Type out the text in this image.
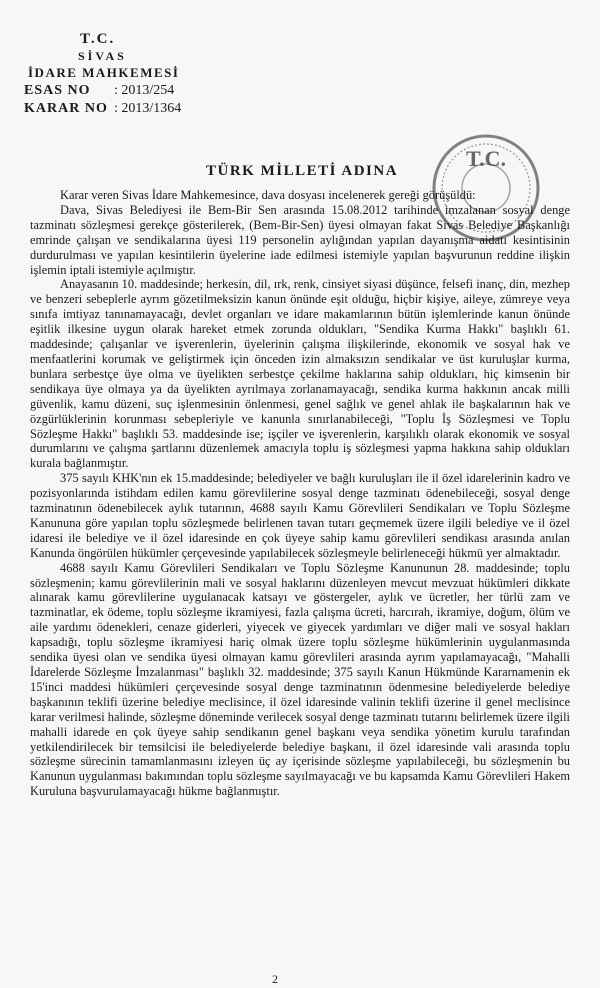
T.C.
SİVAS
İDARE MAHKEMESİ
ESAS NO	: 2013/254
KARAR NO : 2013/1364
TÜRK MİLLETİ ADINA	T.C.

Karar veren Sivas İdare Mahkemesince, dava dosyası incelenerek gereği görüşüldü:

Dava, Sivas Belediyesi ile Bem-Bir Sen arasında 15.08.2012 tarihinde imzalanan sosyal denge tazminatı sözleşmesi gerekçe gösterilerek, (Bem-Bir-Sen) üyesi olmayan fakat Sivas Belediye Başkanlığı emrinde çalışan ve sendikalarına üyesi 119 personelin aylığından yapılan dayanışma aidatı kesintisinin durdurulması ve yapılan kesintilerin üyelerine iade edilmesi istemiyle yapılan başvurunun reddine ilişkin işlemin iptali istemiyle açılmıştır.

Anayasanın 10. maddesinde; herkesin, dil, ırk, renk, cinsiyet siyasi düşünce, felsefi inanç, din, mezhep ve benzeri sebeplerle ayrım gözetilmeksizin kanun önünde eşit olduğu, hiçbir kişiye, aileye, zümreye veya sınıfa imtiyaz tanınamayacağı, devlet organları ve idare makamlarının bütün işlemlerinde kanun önünde eşitlik ilkesine uygun olarak hareket etmek zorunda oldukları, "Sendika Kurma Hakkı" başlıklı 61. maddesinde; çalışanlar ve işverenlerin, üyelerinin çalışma ilişkilerinde, ekonomik ve sosyal hak ve menfaatlerini korumak ve geliştirmek için önceden izin almaksızın sendikalar ve üst kuruluşlar kurma, bunlara serbestçe üye olma ve üyelikten serbestçe çekilme haklarına sahip oldukları, hiç kimsenin bir sendikaya üye olmaya ya da üyelikten ayrılmaya zorlanamayacağı, sendika kurma hakkının ancak milli güvenlik, kamu düzeni, suç işlenmesinin önlenmesi, genel sağlık ve genel ahlak ile başkalarının hak ve özgürlüklerinin korunması sebepleriyle ve kanunla sınırlanabileceği, "Toplu İş Sözleşmesi ve Toplu Sözleşme Hakkı" başlıklı 53. maddesinde ise; işçiler ve işverenlerin, karşılıklı olarak ekonomik ve sosyal durumlarını ve çalışma şartlarını düzenlemek amacıyla toplu iş sözleşmesi yapma hakkına sahip oldukları kurala bağlanmıştır.

375 sayılı KHK'nın ek 15.maddesinde; belediyeler ve bağlı kuruluşları ile il özel idarelerinin kadro ve pozisyonlarında istihdam edilen kamu görevlilerine sosyal denge tazminatı ödenebileceği, sosyal denge tazminatının ödenebilecek aylık tutarının, 4688 sayılı Kamu Görevlileri Sendikaları ve Toplu Sözleşme Kanununa göre yapılan toplu sözleşmede belirlenen tavan tutarı geçmemek üzere ilgili belediye ve il özel idaresi ile belediye ve il özel idaresinde en çok üyeye sahip kamu görevlileri sendikası arasında anılan Kanunda öngörülen hükümler çerçevesinde yapılabilecek sözleşmeyle belirleneceği hükmü yer almaktadır.

4688 sayılı Kamu Görevlileri Sendikaları ve Toplu Sözleşme Kanununun 28. maddesinde; toplu sözleşmenin; kamu görevlilerinin mali ve sosyal haklarını düzenleyen mevcut mevzuat hükümleri dikkate alınarak kamu görevlilerine uygulanacak katsayı ve göstergeler, aylık ve ücretler, her türlü zam ve tazminatlar, ek ödeme, toplu sözleşme ikramiyesi, fazla çalışma ücreti, harcırah, ikramiye, doğum, ölüm ve aile yardımı ödenekleri, cenaze giderleri, yiyecek ve giyecek yardımları ve diğer mali ve sosyal hakları kapsadığı, toplu sözleşme ikramiyesi hariç olmak üzere toplu sözleşme hükümlerinin uygulanmasında sendika üyesi olan ve sendika üyesi olmayan kamu görevlileri arasında ayrım yapılamayacağı, "Mahalli İdarelerde Sözleşme İmzalanması" başlıklı 32. maddesinde; 375 sayılı Kanun Hükmünde Kararnamenin ek 15'inci maddesi hükümleri çerçevesinde sosyal denge tazminatının ödenmesine belediyelerde belediye başkanının teklifi üzerine belediye meclisince, il özel idaresinde valinin teklifi üzerine il genel meclisince karar verilmesi halinde, sözleşme döneminde verilecek sosyal denge tazminatı tutarını belirlemek üzere ilgili mahalli idarede en çok üyeye sahip sendikanın genel başkanı veya sendika yönetim kurulu tarafından yetkilendirilecek bir temsilcisi ile belediyelerde belediye başkanı, il özel idaresinde vali arasında toplu sözleşme sürecinin tamamlanmasını izleyen üç ay içerisinde sözleşme yapılabileceği, bu sözleşmenin bu Kanunun uygulanması bakımından toplu sözleşme sayılmayacağı ve bu kapsamda Kamu Görevlileri Hakem Kuruluna başvurulamayacağı hükme bağlanmıştır.

2
